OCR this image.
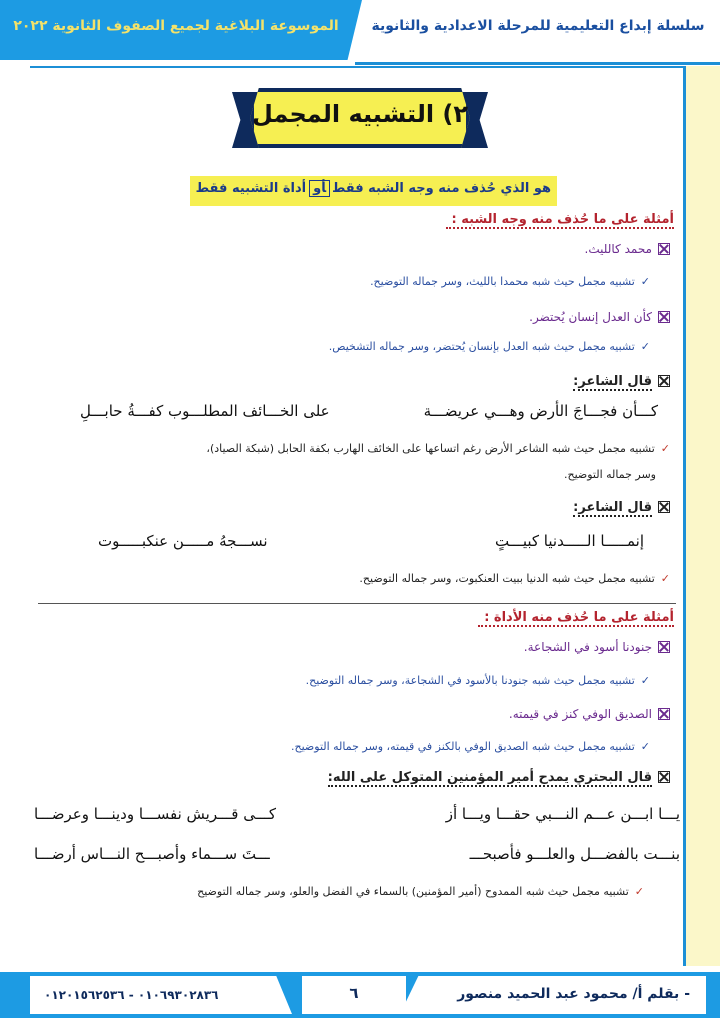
سلسلة إبداع التعليمية للمرحلة الاعدادية والثانوية
الموسوعة البلاغية لجميع الصفوف الثانوية ٢٠٢٢
٢) التشبيه المجمل
هو الذي حُذف منه وجه الشبه فقطأوأداة التشبيه فقط
أمثلة على ما حُذف منه وجه الشبه :
محمد كالليث.
✓تشبيه مجمل حيث شبه محمدا بالليث، وسر جماله التوضيح.
كأن العدل إنسان يُحتضر.
✓تشبيه مجمل حيث شبه العدل بإنسان يُحتضر، وسر جماله التشخيص.
قال الشاعر:
كـــأن فجـــاجَ الأرض وهـــي عريضـــة
على الخـــائف المطلـــوب كفـــةُ حابـــلِ
✓تشبيه مجمل حيث شبه الشاعر الأرض رغم اتساعها على الخائف الهارب بكفة الحابل (شبكة الصياد)،
وسر جماله التوضيح.
قال الشاعر:
إنمـــــا الـــــدنيا كبيـــتٍ
نســـجهُ مـــــن عنكبـــــوت
✓تشبيه مجمل حيث شبه الدنيا ببيت العنكبوت، وسر جماله التوضيح.
أمثلة على ما حُذف منه الأداة :
جنودنا أسود في الشجاعة.
✓تشبيه مجمل حيث شبه جنودنا بالأسود في الشجاعة، وسر جماله التوضيح.
الصديق الوفي كنز في قيمته.
✓تشبيه مجمل حيث شبه الصديق الوفي بالكنز في قيمته، وسر جماله التوضيح.
قال البحتري يمدح أمير المؤمنين المتوكل على الله:
يـــا ابـــن عـــم النـــبي حقـــا ويـــا أز
كـــى قـــريش نفســـا ودينـــا وعرضـــا
بنـــت بالفضـــل والعلـــو فأصبحـــ
ـــتَ ســـماء وأصبـــح النـــاس أرضـــا
✓تشبيه مجمل حيث شبه الممدوح (أمير المؤمنين) بالسماء في الفضل والعلو، وسر جماله التوضيح
- بقلم أ/ محمود عبد الحميد منصور
٦
٠١٠٦٩٣٠٢٨٣٦ - ٠١٢٠١٥٦٢٥٣٦
